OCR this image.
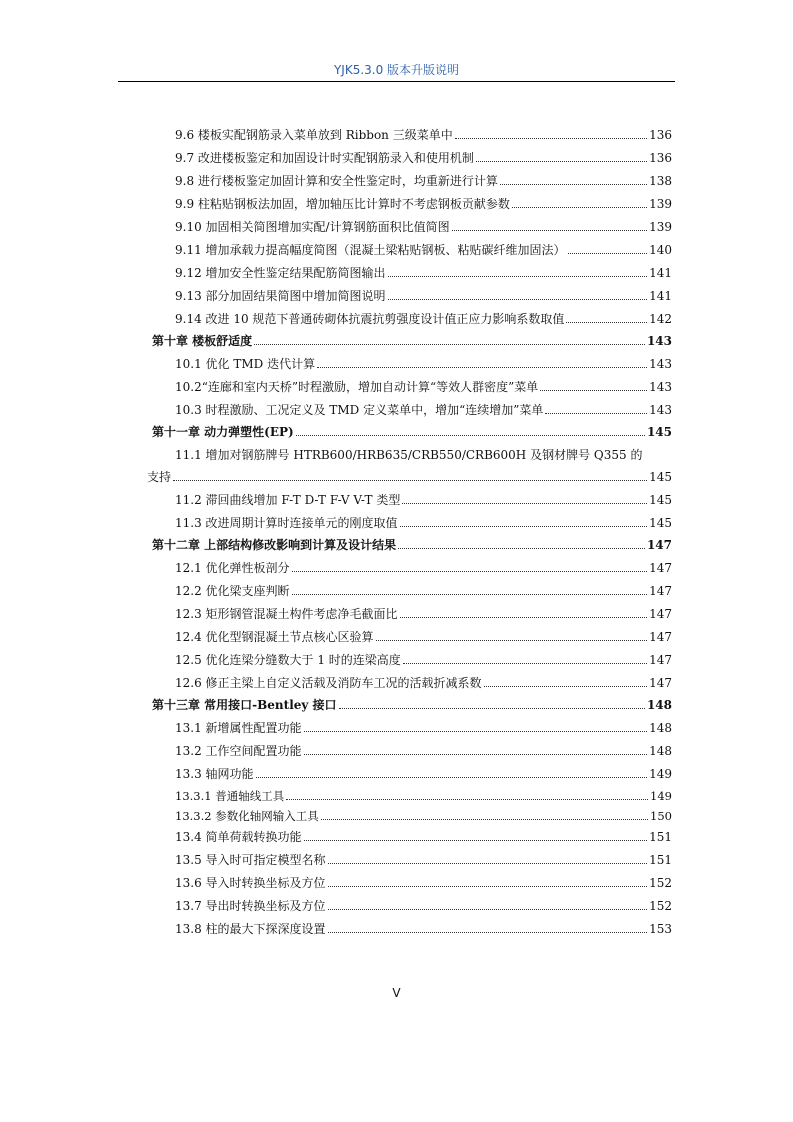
YJK5.3.0 版本升版说明
9.6 楼板实配钢筋录入菜单放到 Ribbon 三级菜单中	136
9.7 改进楼板鉴定和加固设计时实配钢筋录入和使用机制	136
9.8 进行楼板鉴定加固计算和安全性鉴定时，均重新进行计算	138
9.9 柱粘贴钢板法加固，增加轴压比计算时不考虑钢板贡献参数	139
9.10 加固相关简图增加实配/计算钢筋面积比值简图	139
9.11 增加承载力提高幅度简图（混凝土梁粘贴钢板、粘贴碳纤维加固法）	140
9.12 增加安全性鉴定结果配筋简图输出	141
9.13 部分加固结果简图中增加简图说明	141
9.14 改进 10 规范下普通砖砌体抗震抗剪强度设计值正应力影响系数取值	142
第十章 楼板舒适度	143
10.1 优化 TMD 迭代计算	143
10.2“连廊和室内天桥”时程激励，增加自动计算“等效人群密度”菜单	143
10.3 时程激励、工况定义及 TMD 定义菜单中，增加“连续增加”菜单	143
第十一章 动力弹塑性(EP)	145
11.1 增加对钢筋牌号 HTRB600/HRB635/CRB550/CRB600H 及钢材牌号 Q355 的
支持	145
11.2 滞回曲线增加 F-T D-T F-V V-T 类型	145
11.3 改进周期计算时连接单元的刚度取值	145
第十二章 上部结构修改影响到计算及设计结果	147
12.1 优化弹性板剖分	147
12.2 优化梁支座判断	147
12.3 矩形钢管混凝土构件考虑净毛截面比	147
12.4 优化型钢混凝土节点核心区验算	147
12.5 优化连梁分缝数大于 1 时的连梁高度	147
12.6 修正主梁上自定义活载及消防车工况的活载折减系数	147
第十三章 常用接口-Bentley 接口	148
13.1 新增属性配置功能	148
13.2 工作空间配置功能	148
13.3 轴网功能	149
13.3.1 普通轴线工具	149
13.3.2 参数化轴网输入工具	150
13.4 简单荷载转换功能	151
13.5 导入时可指定模型名称	151
13.6 导入时转换坐标及方位	152
13.7 导出时转换坐标及方位	152
13.8 柱的最大下探深度设置	153
V
